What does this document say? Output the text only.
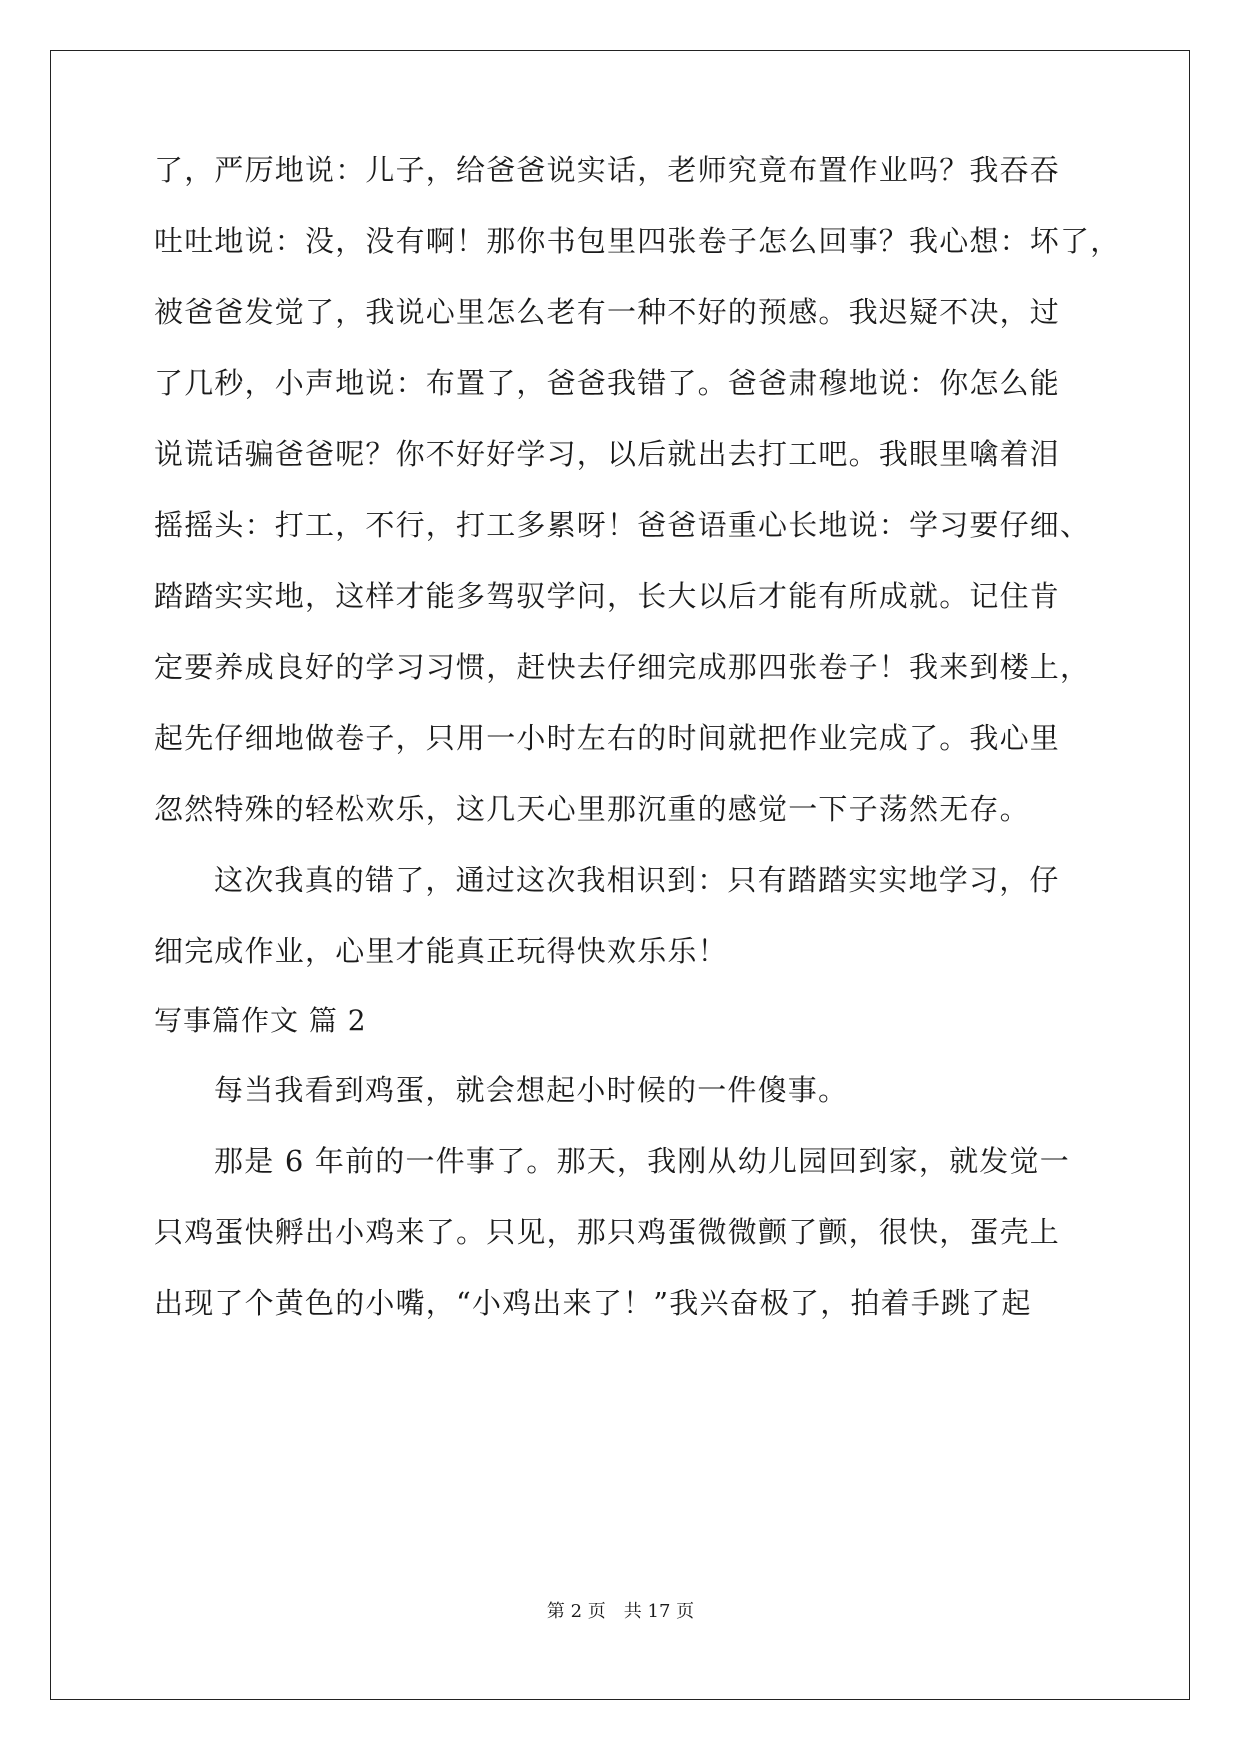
了，严厉地说：儿子，给爸爸说实话，老师究竟布置作业吗？我吞吞
吐吐地说：没，没有啊！那你书包里四张卷子怎么回事？我心想：坏了，
被爸爸发觉了，我说心里怎么老有一种不好的预感。我迟疑不决，过
了几秒，小声地说：布置了，爸爸我错了。爸爸肃穆地说：你怎么能
说谎话骗爸爸呢？你不好好学习，以后就出去打工吧。我眼里噙着泪
摇摇头：打工，不行，打工多累呀！爸爸语重心长地说：学习要仔细、
踏踏实实地，这样才能多驾驭学问，长大以后才能有所成就。记住肯
定要养成良好的学习习惯，赶快去仔细完成那四张卷子！我来到楼上，
起先仔细地做卷子，只用一小时左右的时间就把作业完成了。我心里
忽然特殊的轻松欢乐，这几天心里那沉重的感觉一下子荡然无存。
这次我真的错了，通过这次我相识到：只有踏踏实实地学习，仔
细完成作业，心里才能真正玩得快欢乐乐！
写事篇作文 篇 2
每当我看到鸡蛋，就会想起小时候的一件傻事。
那是 6 年前的一件事了。那天，我刚从幼儿园回到家，就发觉一
只鸡蛋快孵出小鸡来了。只见，那只鸡蛋微微颤了颤，很快，蛋壳上
出现了个黄色的小嘴，“小鸡出来了！”我兴奋极了，拍着手跳了起
第 2 页　共 17 页
